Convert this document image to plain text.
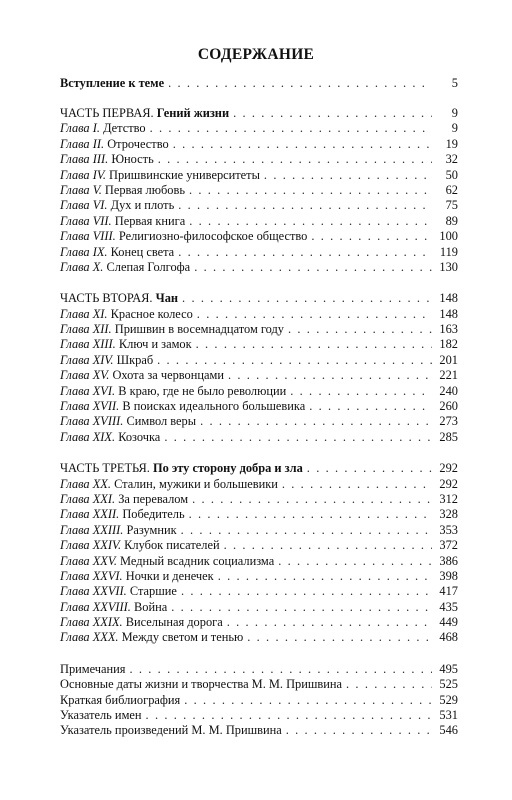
СОДЕРЖАНИЕ
Вступление к теме . . .	5
ЧАСТЬ ПЕРВАЯ. Гений жизни . . .	9
Глава I. Детство . . .	9
Глава II. Отрочество . . .	19
Глава III. Юность . . .	32
Глава IV. Пришвинские университеты . . .	50
Глава V. Первая любовь . . .	62
Глава VI. Дух и плоть . . .	75
Глава VII. Первая книга . . .	89
Глава VIII. Религиозно-философское общество . . .	100
Глава IX. Конец света . . .	119
Глава X. Слепая Голгофа . . .	130
ЧАСТЬ ВТОРАЯ. Чан . . .	148
Глава XI. Красное колесо . . .	148
Глава XII. Пришвин в восемнадцатом году . . .	163
Глава XIII. Ключ и замок . . .	182
Глава XIV. Шкраб . . .	201
Глава XV. Охота за червонцами . . .	221
Глава XVI. В краю, где не было революции . . .	240
Глава XVII. В поисках идеального большевика . . .	260
Глава XVIII. Символ веры . . .	273
Глава XIX. Козочка . . .	285
ЧАСТЬ ТРЕТЬЯ. По эту сторону добра и зла . . .	292
Глава XX. Сталин, мужики и большевики . . .	292
Глава XXI. За перевалом . . .	312
Глава XXII. Победитель . . .	328
Глава XXIII. Разумник . . .	353
Глава XXIV. Клубок писателей . . .	372
Глава XXV. Медный всадник социализма . . .	386
Глава XXVI. Ночки и денечек . . .	398
Глава XXVII. Старшие . . .	417
Глава XXVIII. Война . . .	435
Глава XXIX. Виселыная дорога . . .	449
Глава XXX. Между светом и тенью . . .	468
Примечания . . .	495
Основные даты жизни и творчества М. М. Пришвина . . .	525
Краткая библиография . . .	529
Указатель имен . . .	531
Указатель произведений М. М. Пришвина . . .	546
